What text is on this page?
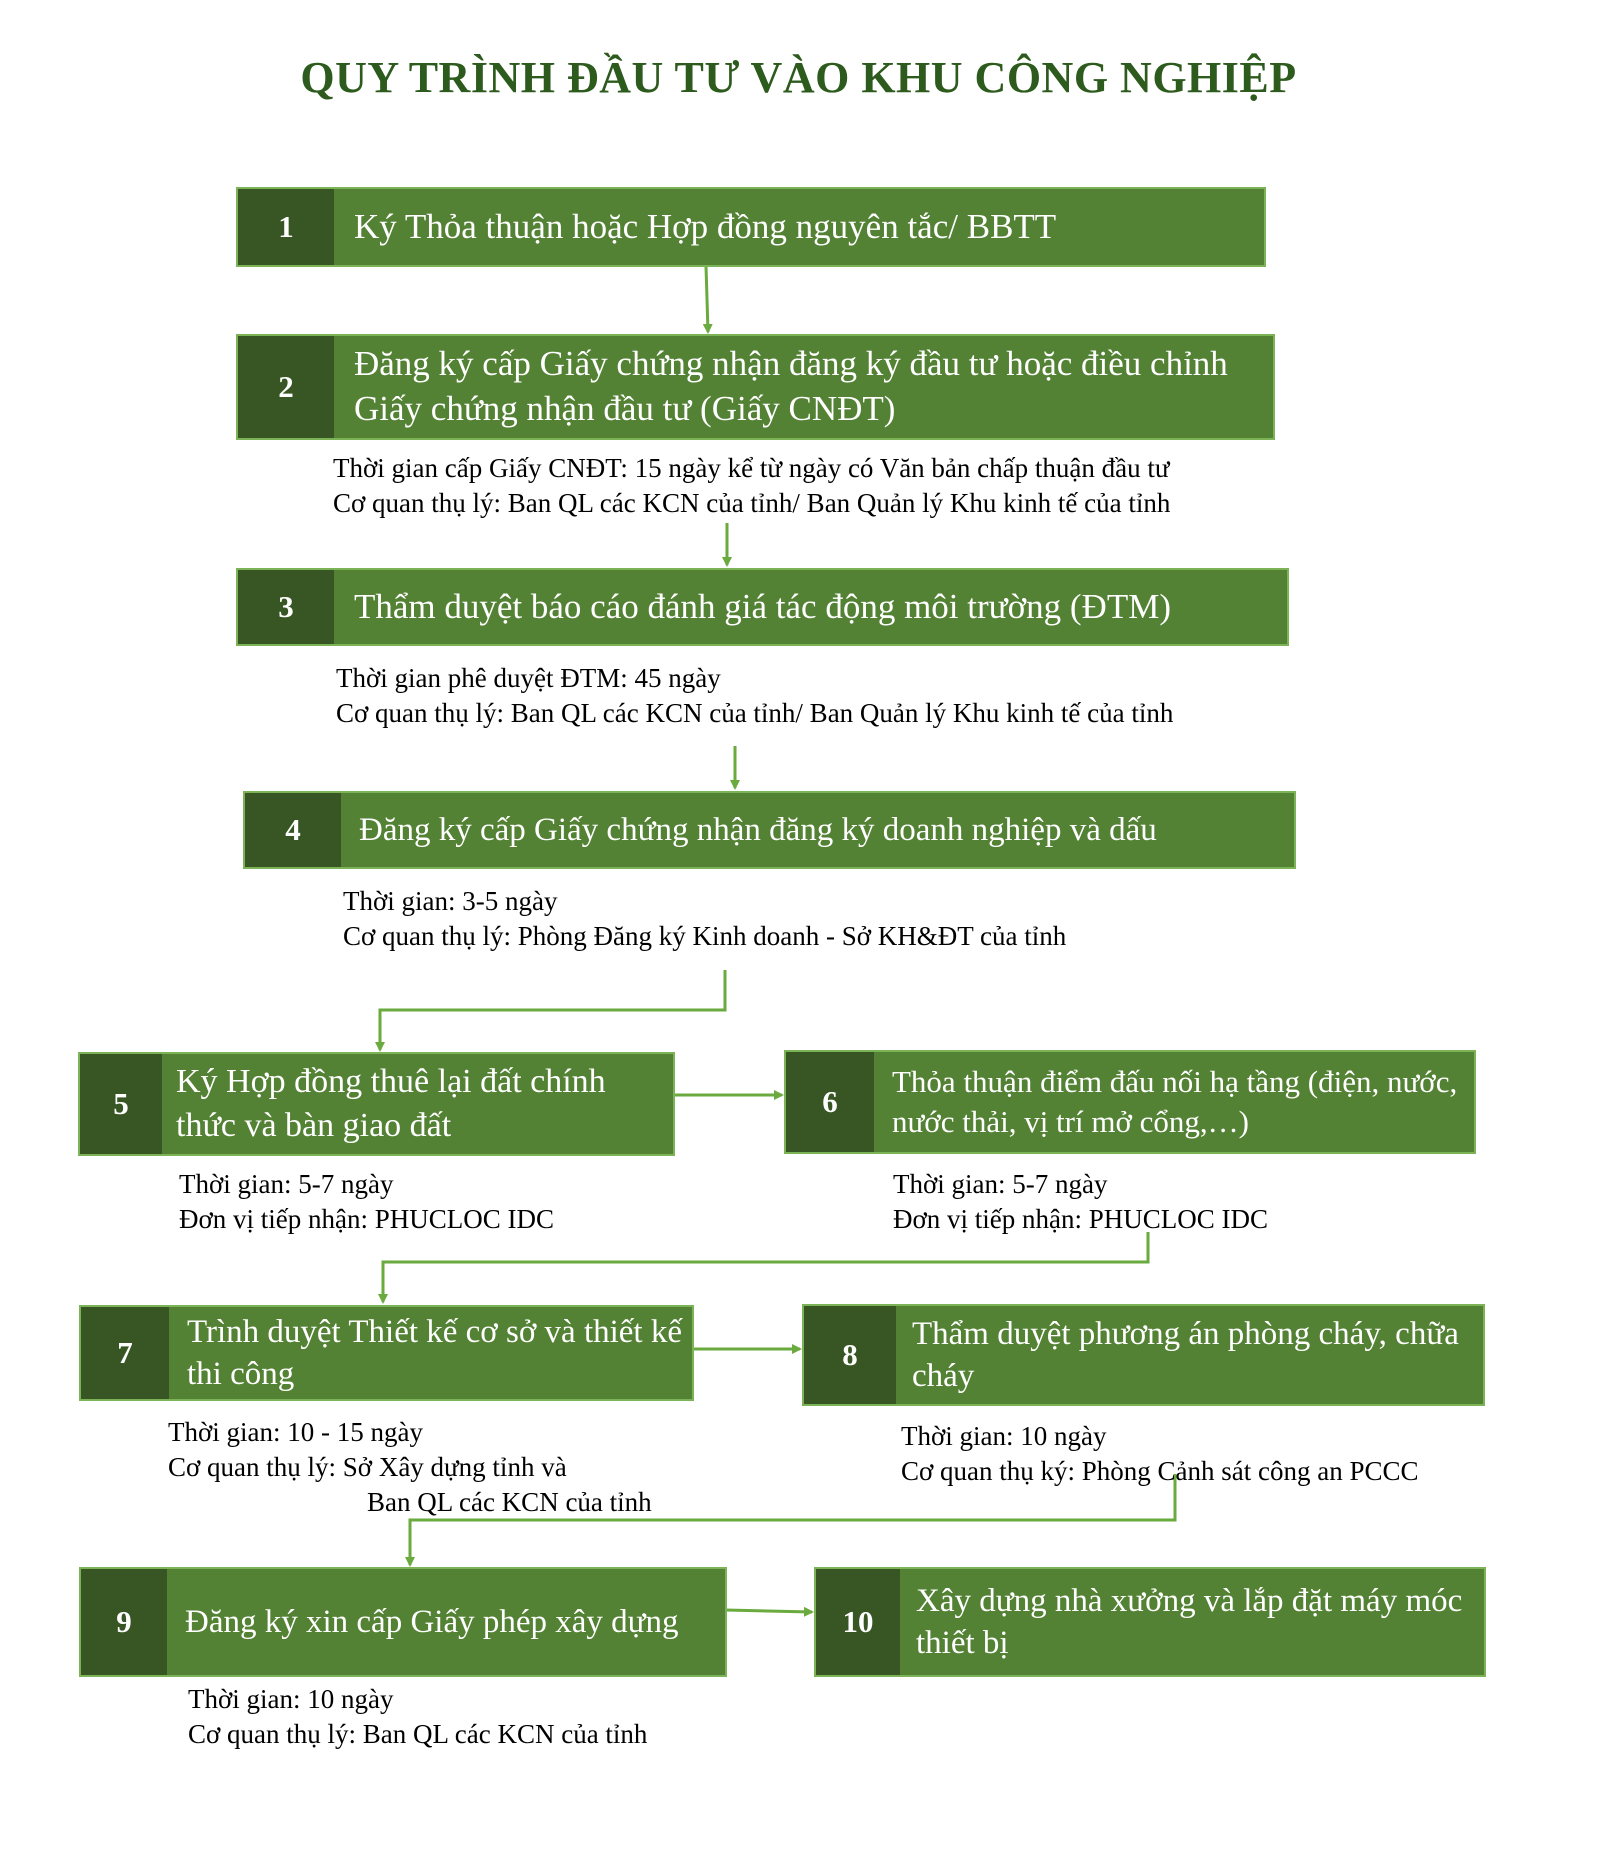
QUY TRÌNH ĐẦU TƯ VÀO KHU CÔNG NGHIỆP
1	Ký Thỏa thuận hoặc Hợp đồng nguyên tắc/ BBTT
2
Đăng ký cấp Giấy chứng nhận đăng ký đầu tư hoặc điều chỉnh Giấy chứng nhận đầu tư (Giấy CNĐT)
Thời gian cấp Giấy CNĐT: 15 ngày kể từ ngày có Văn bản chấp thuận đầu tư
Cơ quan thụ lý: Ban QL các KCN của tỉnh/ Ban Quản lý Khu kinh tế của tỉnh
3	Thẩm duyệt báo cáo đánh giá tác động môi trường (ĐTM)
Thời gian phê duyệt ĐTM: 45 ngày
Cơ quan thụ lý: Ban QL các KCN của tỉnh/ Ban Quản lý Khu kinh tế của tỉnh
4	Đăng ký cấp Giấy chứng nhận đăng ký doanh nghiệp và dấu
Thời gian: 3-5 ngày
Cơ quan thụ lý: Phòng Đăng ký Kinh doanh - Sở KH&ĐT của tỉnh
5
Ký Hợp đồng thuê lại đất chính thức và bàn giao đất
Thời gian: 5-7 ngày
Đơn vị tiếp nhận: PHUCLOC IDC
6
Thỏa thuận điểm đấu nối hạ tầng (điện, nước, nước thải, vị trí mở cổng,…)
Thời gian: 5-7 ngày
Đơn vị tiếp nhận: PHUCLOC IDC
7
Trình duyệt Thiết kế cơ sở và thiết kế thi công
Thời gian: 10 - 15 ngày
Cơ quan thụ lý: Sở Xây dựng tỉnh và
Ban QL các KCN của tỉnh
8
Thẩm duyệt phương án phòng cháy, chữa cháy
Thời gian: 10 ngày
Cơ quan thụ ký: Phòng Cảnh sát công an PCCC
9	Đăng ký xin cấp Giấy phép xây dựng
Thời gian: 10 ngày
Cơ quan thụ lý: Ban QL các KCN của tỉnh
10
Xây dựng nhà xưởng và lắp đặt máy móc thiết bị
